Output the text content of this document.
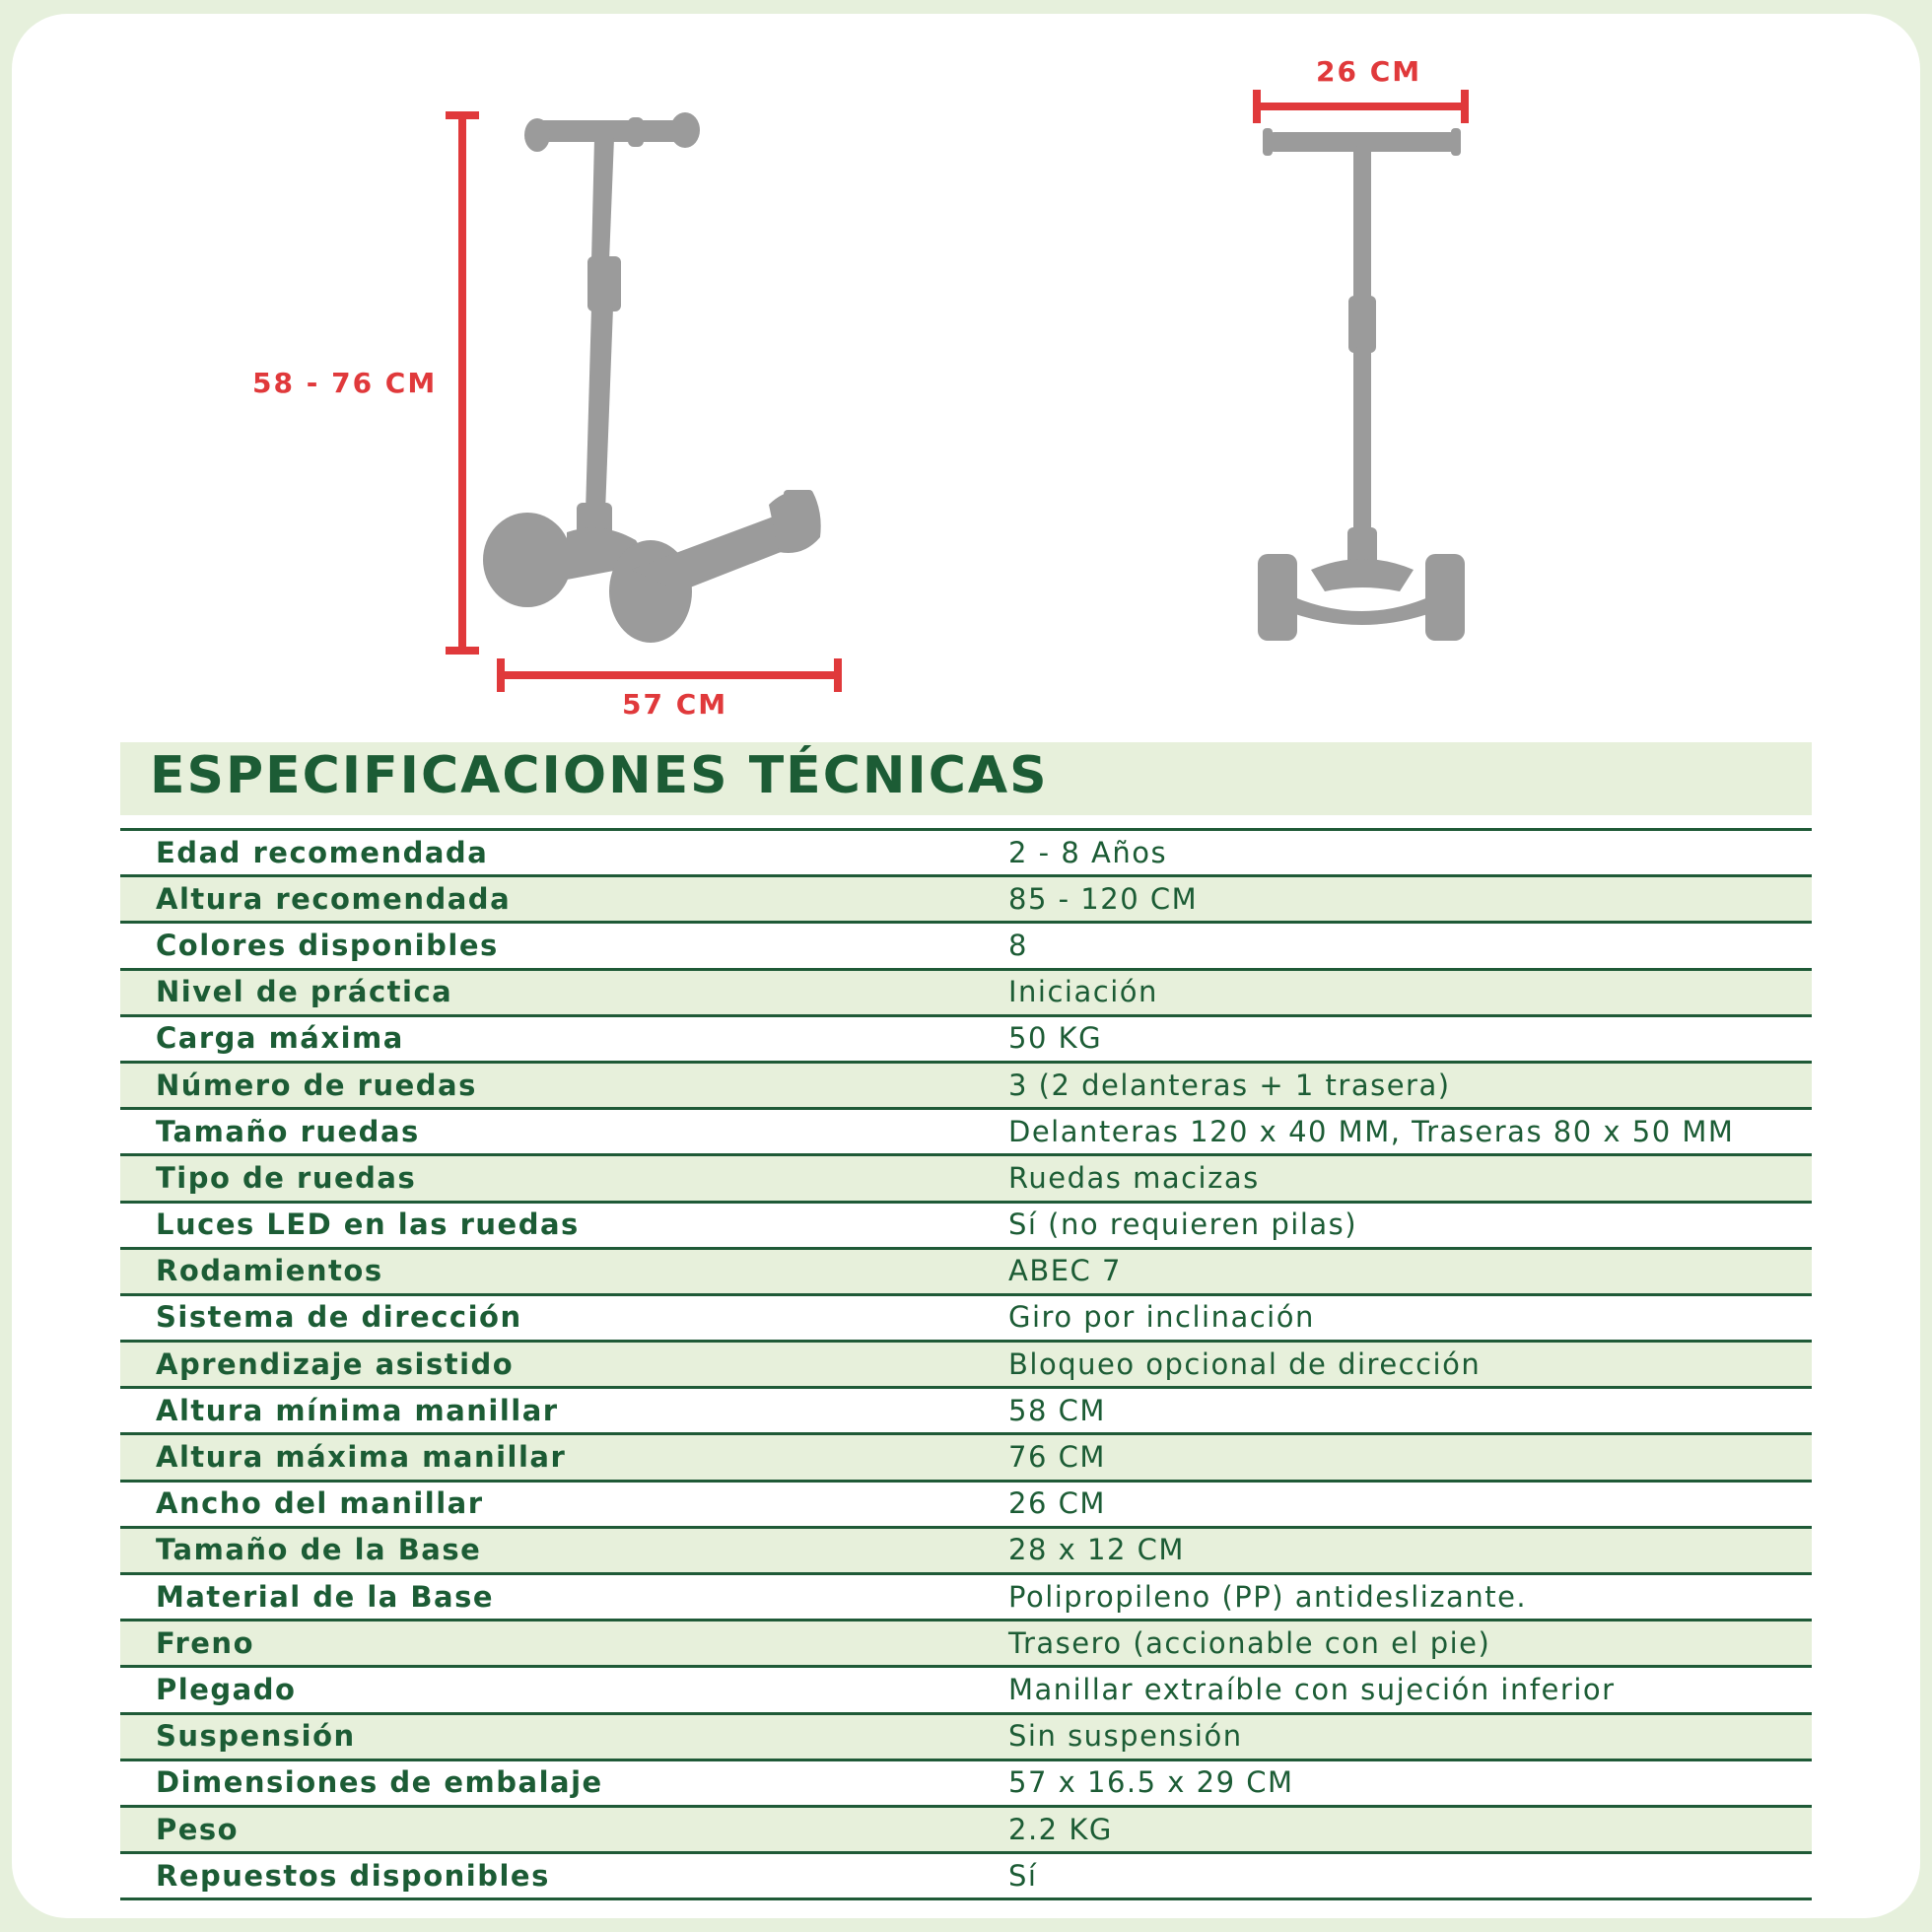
58 - 76 CM
57 CM
26 CM
ESPECIFICACIONES TÉCNICAS
Edad recomendada	2 - 8 Años
Altura recomendada	85 - 120 CM
Colores disponibles	8
Nivel de práctica	Iniciación
Carga máxima	50 KG
Número de ruedas	3 (2 delanteras + 1 trasera)
Tamaño ruedas	Delanteras 120 x 40 MM, Traseras 80 x 50 MM
Tipo de ruedas	Ruedas macizas
Luces LED en las ruedas	Sí (no requieren pilas)
Rodamientos	ABEC 7
Sistema de dirección	Giro por inclinación
Aprendizaje asistido	Bloqueo opcional de dirección
Altura mínima manillar	58 CM
Altura máxima manillar	76 CM
Ancho del manillar	26 CM
Tamaño de la Base	28 x 12 CM
Material de la Base	Polipropileno (PP) antideslizante.
Freno	Trasero (accionable con el pie)
Plegado	Manillar extraíble con sujeción inferior
Suspensión	Sin suspensión
Dimensiones de embalaje	57 x 16.5 x 29 CM
Peso	2.2 KG
Repuestos disponibles	Sí
